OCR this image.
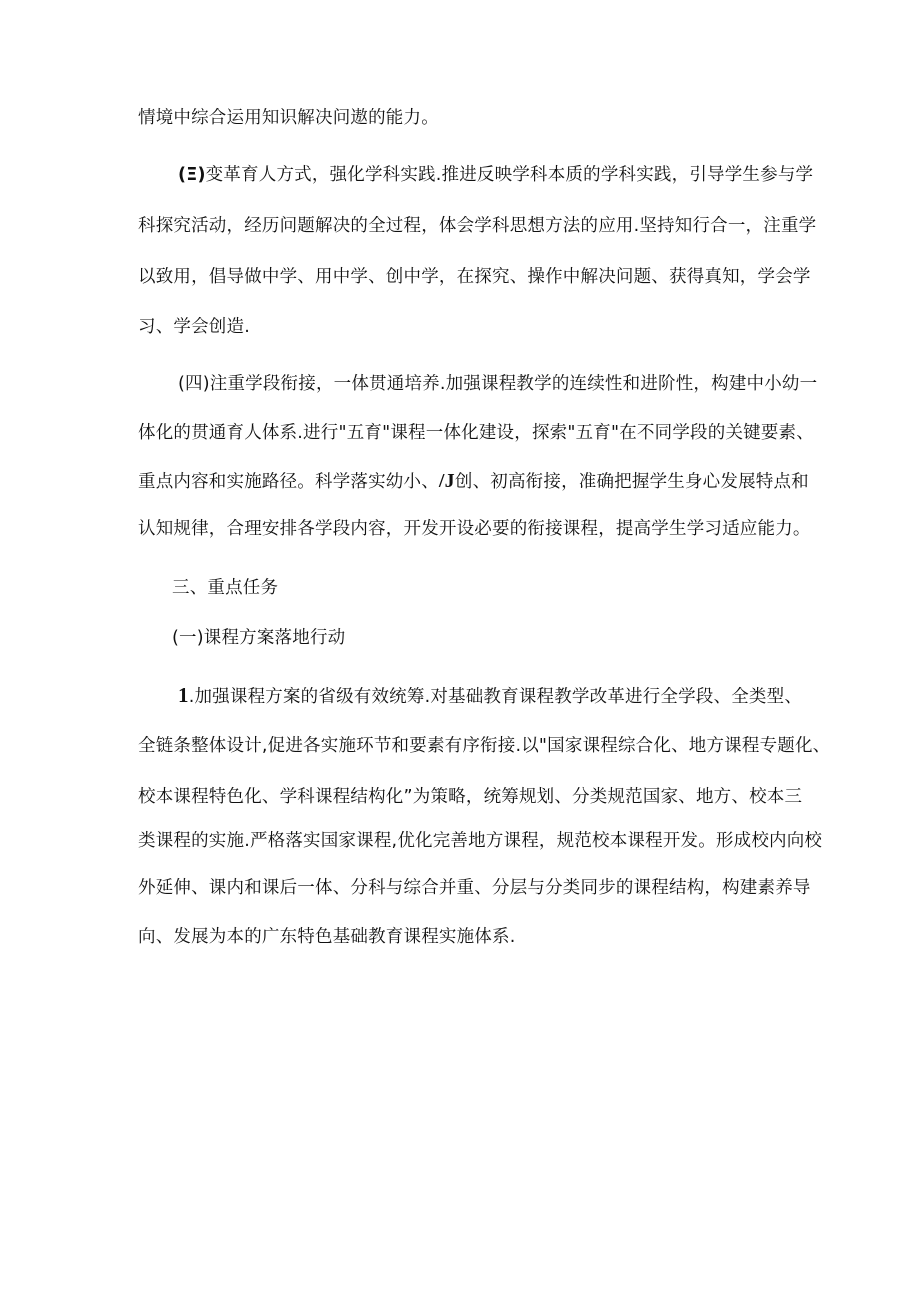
情境中综合运用知识解决问遨的能力。
(Ξ)变革育人方式，强化学科实践.推进反映学科本质的学科实践，引导学生参与学
科探究活动，经历问题解决的全过程，体会学科思想方法的应用.坚持知行合一，注重学
以致用，倡导做中学、用中学、创中学，在探究、操作中解决问题、获得真知，学会学
习、学会创造.
(四)注重学段衔接，一体贯通培养.加强课程教学的连续性和进阶性，构建中小幼一
体化的贯通育人体系.进行"五育"课程一体化建设，探索"五育"在不同学段的关键要素、
重点内容和实施路径。科学落实幼小、/J创、初高衔接，准确把握学生身心发展特点和
认知规律，合理安排各学段内容，开发开设必要的衔接课程，提高学生学习适应能力。
三、重点任务
(一)课程方案落地行动
1.加强课程方案的省级有效统筹.对基础教育课程教学改革进行全学段、全类型、
全链条整体设计,促进各实施环节和要素有序衔接.以"国家课程综合化、地方课程专题化、
校本课程特色化、学科课程结构化”为策略，统筹规划、分类规范国家、地方、校本三
类课程的实施.严格落实国家课程,优化完善地方课程，规范校本课程开发。形成校内向校
外延伸、课内和课后一体、分科与综合并重、分层与分类同步的课程结构，构建素养导
向、发展为本的广东特色基础教育课程实施体系.
